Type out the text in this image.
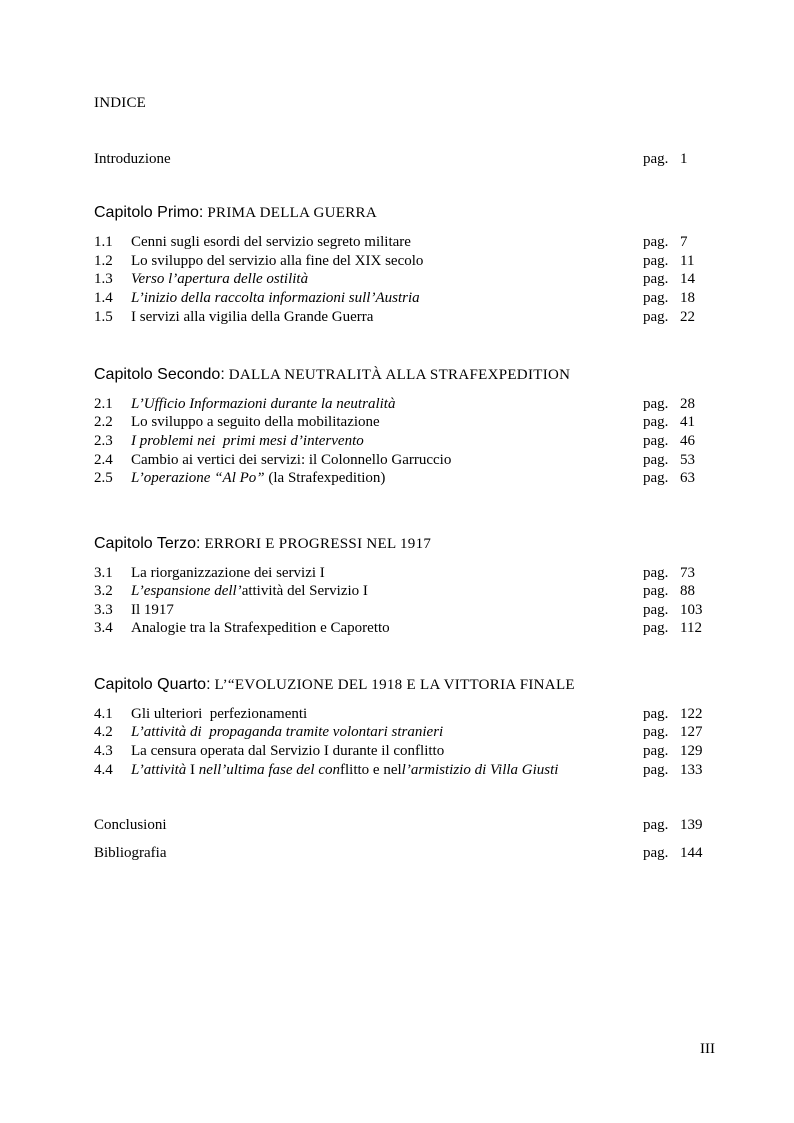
INDICE
Introduzione	pag. 1
Capitolo Primo: PRIMA DELLA GUERRA
1.1 Cenni sugli esordi del servizio segreto militare	pag. 7
1.2 Lo sviluppo del servizio alla fine del XIX secolo	pag. 11
1.3 Verso l’apertura delle ostilità	pag. 14
1.4 L’inizio della raccolta informazioni sull’Austria	pag. 18
1.5 I servizi alla vigilia della Grande Guerra	pag. 22
Capitolo Secondo: DALLA NEUTRALITÀ ALLA STRAFEXPEDITION
2.1 L’Ufficio Informazioni durante la neutralità	pag. 28
2.2 Lo sviluppo a seguito della mobilitazione	pag. 41
2.3 I problemi nei  primi mesi d’intervento	pag. 46
2.4 Cambio ai vertici dei servizi: il Colonnello Garruccio	pag. 53
2.5 L’operazione “Al Po” (la Strafexpedition)	pag. 63
Capitolo Terzo: ERRORI E PROGRESSI NEL 1917
3.1 La riorganizzazione dei servizi I	pag. 73
3.2 L’espansione dell’attività del Servizio I	pag. 88
3.3 Il 1917	pag. 103
3.4 Analogie tra la Strafexpedition e Caporetto	pag. 112
Capitolo Quarto: L’“EVOLUZIONE DEL 1918 E LA VITTORIA FINALE
4.1 Gli ulteriori  perfezionamenti	pag. 122
4.2 L’attività di  propaganda tramite volontari stranieri	pag. 127
4.3 La censura operata dal Servizio I durante il conflitto	pag. 129
4.4 L’attività I nell’ultima fase del conflitto e nell’armistizio di Villa Giusti	pag. 133
Conclusioni	pag. 139
Bibliografia	pag. 144
III
